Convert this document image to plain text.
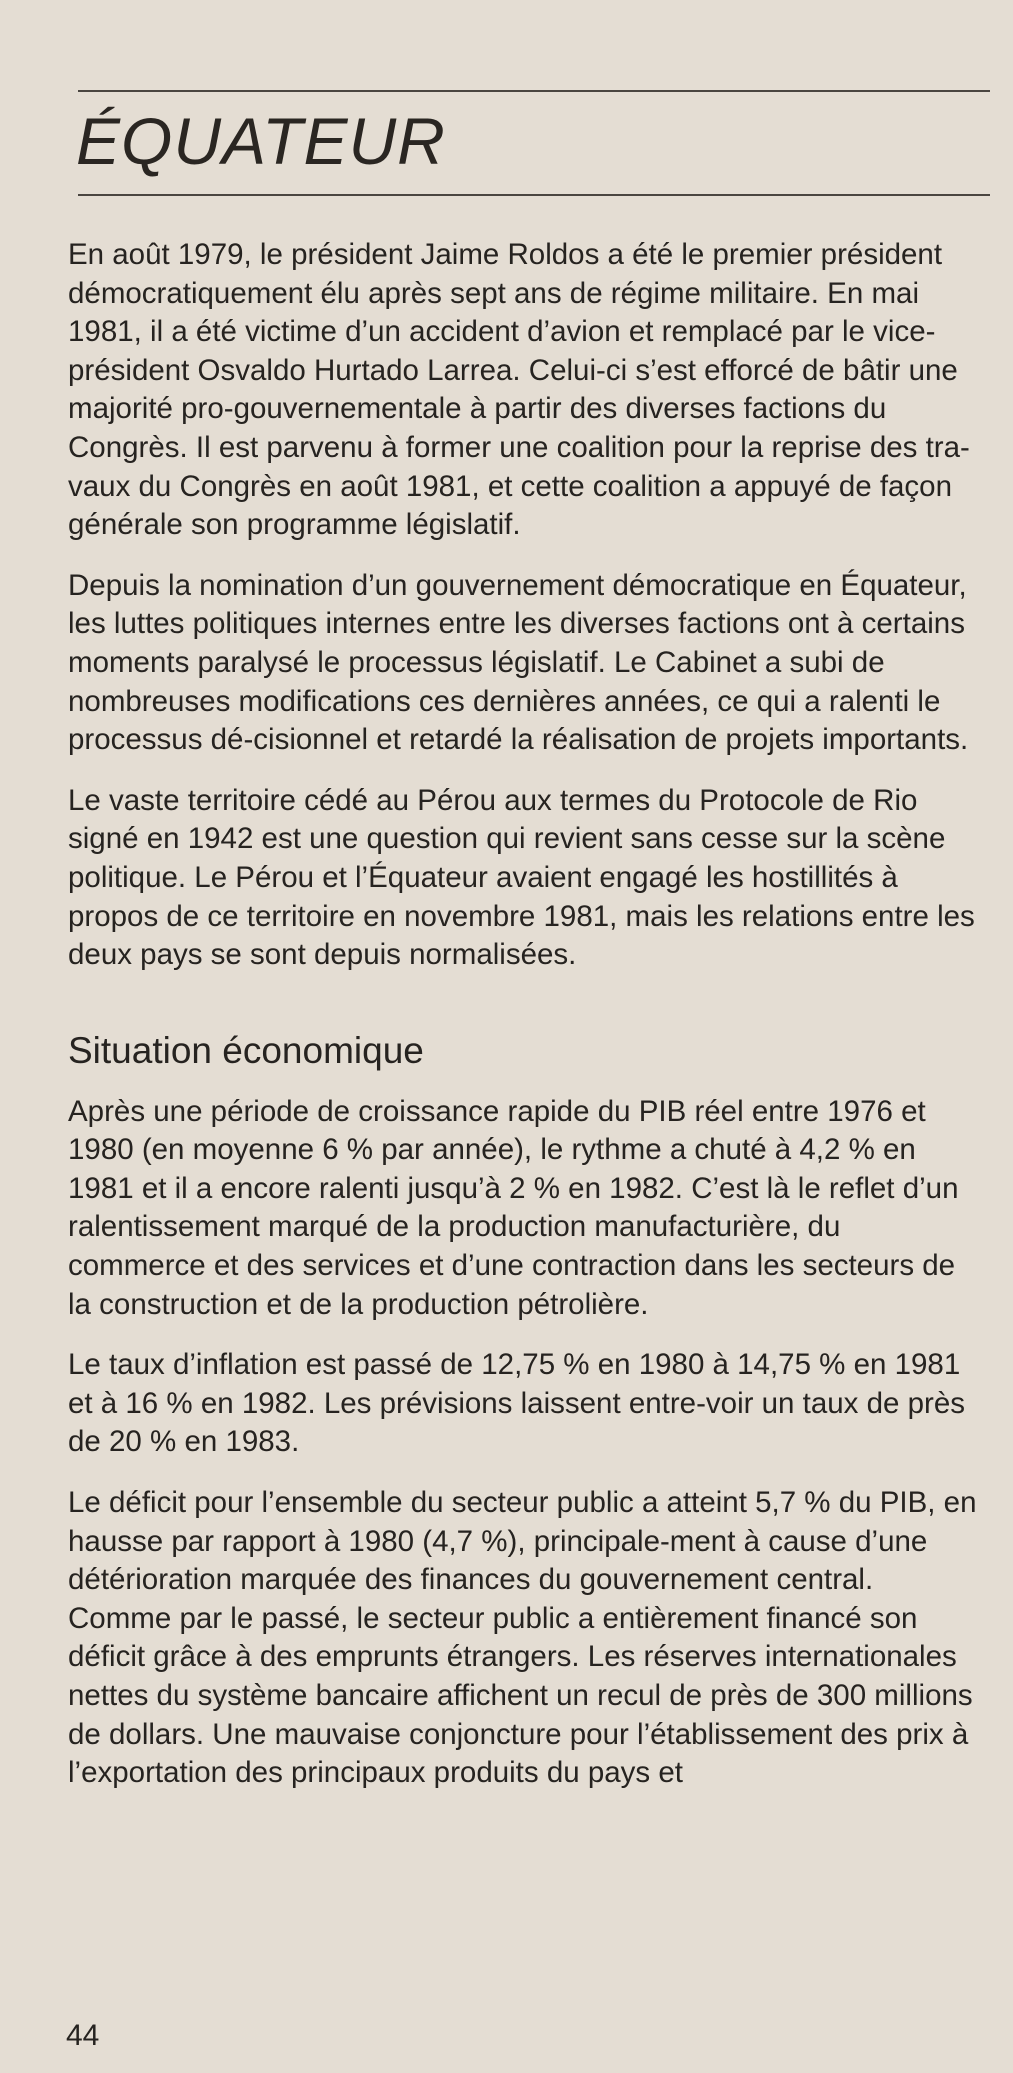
ÉQUATEUR

En août 1979, le président Jaime Roldos a été le premier président démocratiquement élu après sept ans de régime militaire. En mai 1981, il a été victime d’un accident d’avion et remplacé par le vice-président Osvaldo Hurtado Larrea. Celui-ci s’est efforcé de bâtir une majorité pro-gouvernementale à partir des diverses factions du Congrès. Il est parvenu à former une coalition pour la reprise des tra-vaux du Congrès en août 1981, et cette coalition a appuyé de façon générale son programme législatif.

Depuis la nomination d’un gouvernement démocratique en Équateur, les luttes politiques internes entre les diverses factions ont à certains moments paralysé le processus législatif. Le Cabinet a subi de nombreuses modifications ces dernières années, ce qui a ralenti le processus dé-cisionnel et retardé la réalisation de projets importants.

Le vaste territoire cédé au Pérou aux termes du Protocole de Rio signé en 1942 est une question qui revient sans cesse sur la scène politique. Le Pérou et l’Équateur avaient engagé les hostillités à propos de ce territoire en novembre 1981, mais les relations entre les deux pays se sont depuis normalisées.

Situation économique

Après une période de croissance rapide du PIB réel entre 1976 et 1980 (en moyenne 6 % par année), le rythme a chuté à 4,2 % en 1981 et il a encore ralenti jusqu’à 2 % en 1982. C’est là le reflet d’un ralentissement marqué de la production manufacturière, du commerce et des services et d’une contraction dans les secteurs de la construction et de la production pétrolière.

Le taux d’inflation est passé de 12,75 % en 1980 à 14,75 % en 1981 et à 16 % en 1982. Les prévisions laissent entre-voir un taux de près de 20 % en 1983.

Le déficit pour l’ensemble du secteur public a atteint 5,7 % du PIB, en hausse par rapport à 1980 (4,7 %), principale-ment à cause d’une détérioration marquée des finances du gouvernement central. Comme par le passé, le secteur public a entièrement financé son déficit grâce à des emprunts étrangers. Les réserves internationales nettes du système bancaire affichent un recul de près de 300 millions de dollars. Une mauvaise conjoncture pour l’établissement des prix à l’exportation des principaux produits du pays et

44
